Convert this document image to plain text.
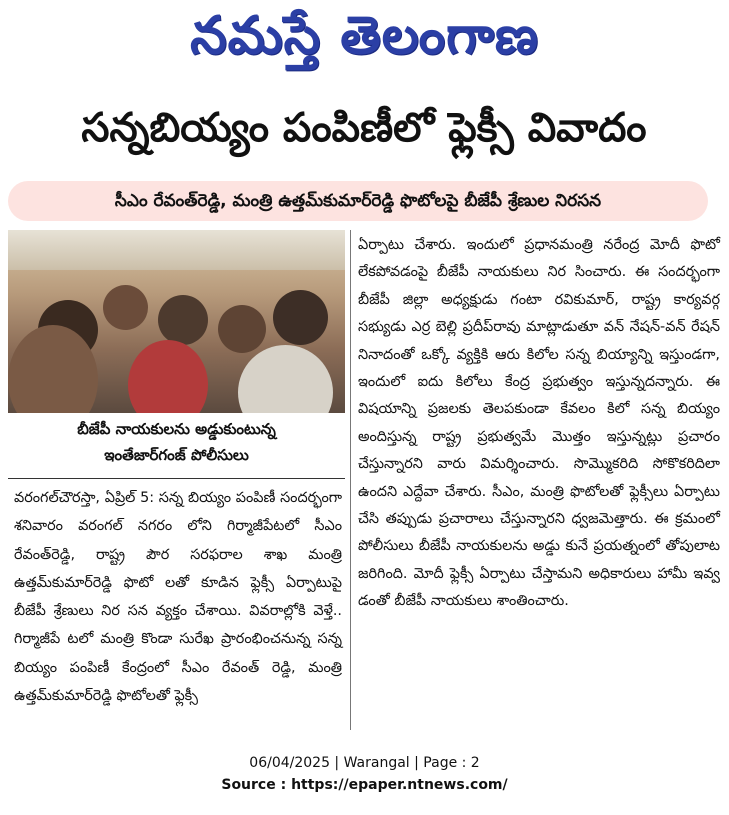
నమస్తే తెలంగాణ
సన్నబియ్యం పంపిణీలో ఫ్లెక్సీ వివాదం
సీఎం రేవంత్‌రెడ్డి, మంత్రి ఉత్తమ్‌కుమార్‌రెడ్డి ఫొటోలపై బీజేపీ శ్రేణుల నిరసన
బీజేపీ నాయకులను అడ్డుకుంటున్న
ఇంతేజార్‌గంజ్ పోలీసులు

వరంగల్‌చౌరస్తా, ఏప్రిల్ 5: సన్న బియ్యం పంపిణీ సందర్భంగా శనివారం వరంగల్ నగరం లోని గిర్మాజీపేటలో సీఎం రేవంత్‌రెడ్డి, రాష్ట్ర పౌర సరఫరాల శాఖ మంత్రి ఉత్తమ్‌కుమార్‌రెడ్డి ఫొటో లతో కూడిన ఫ్లెక్సీ ఏర్పాటుపై బీజేపీ శ్రేణులు నిర సన వ్యక్తం చేశాయి. వివరాల్లోకి వెళ్తే.. గిర్మాజీపే టలో మంత్రి కొండా సురేఖ ప్రారంభించనున్న సన్న బియ్యం పంపిణీ కేంద్రంలో సీఎం రేవంత్ రెడ్డి, మంత్రి ఉత్తమ్‌కుమార్‌రెడ్డి ఫొటోలతో ఫ్లెక్సీ

ఏర్పాటు చేశారు. ఇందులో ప్రధానమంత్రి నరేంద్ర మోదీ ఫొటో లేకపోవడంపై బీజేపీ నాయకులు నిర సించారు. ఈ సందర్భంగా బీజేపీ జిల్లా అధ్యక్షుడు గంటా రవికుమార్, రాష్ట్ర కార్యవర్గ సభ్యుడు ఎర్ర బెల్లి ప్రదీప్‌రావు మాట్లాడుతూ వన్ నేషన్-వన్ రేషన్ నినాదంతో ఒక్కో వ్యక్తికి ఆరు కిలోల సన్న బియ్యాన్ని ఇస్తుండగా, ఇందులో ఐదు కిలోలు కేంద్ర ప్రభుత్వం ఇస్తున్నదన్నారు. ఈ విషయాన్ని ప్రజలకు తెలపకుండా కేవలం కిలో సన్న బియ్యం అందిస్తున్న రాష్ట్ర ప్రభుత్వమే మొత్తం ఇస్తున్నట్లు ప్రచారం చేస్తున్నారని వారు విమర్శించారు. సొమ్మొకరిది సోకొకరిదిలా ఉందని ఎద్దేవా చేశారు. సీఎం, మంత్రి ఫొటోలతో ఫ్లెక్సీలు ఏర్పాటు చేసి తప్పుడు ప్రచారాలు చేస్తున్నారని ధ్వజమెత్తారు. ఈ క్రమంలో పోలీసులు బీజేపీ నాయకులను అడ్డు కునే ప్రయత్నంలో తోపులాట జరిగింది. మోదీ ఫ్లెక్సీ ఏర్పాటు చేస్తామని అధికారులు హామీ ఇవ్వ డంతో బీజేపీ నాయకులు శాంతించారు.

06/04/2025 | Warangal | Page : 2
Source : https://epaper.ntnews.com/
